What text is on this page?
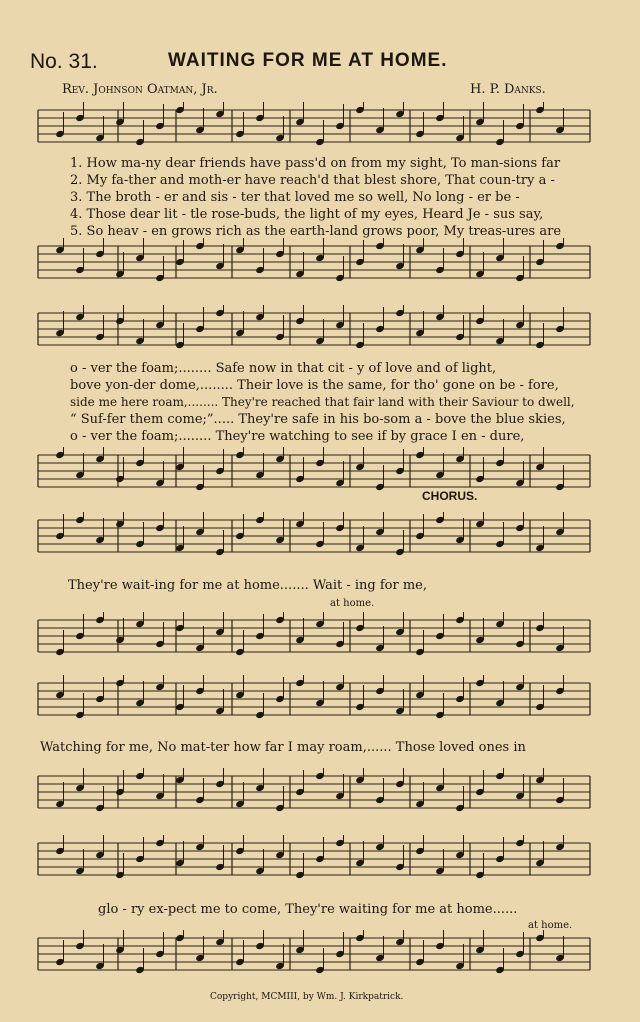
No. 31.	WAITING FOR ME AT HOME.
Rev. Johnson Oatman, Jr.	H. P. Danks.
1. How ma-ny dear friends have pass'd on from my sight, To man-sions far
2. My fa-ther and moth-er have reach'd that blest shore, That coun-try a -
3. The broth - er and sis - ter that loved me so well, No long - er be -
4. Those dear lit - tle rose-buds, the light of my eyes, Heard Je - sus say,
5. So heav - en grows rich as the earth-land grows poor, My treas-ures are
o - ver the foam;........ Safe now in that cit - y of love and of light,
bove yon-der dome,........ Their love is the same, for tho' gone on be - fore,
side me here roam,........ They're reached that fair land with their Saviour to dwell,
“ Suf-fer them come;”..... They're safe in his bo-som a - bove the blue skies,
o - ver the foam;........ They're watching to see if by grace I en - dure,
CHORUS.
They're wait-ing for me at home....... Wait - ing for me,
at home.
Watching for me, No mat-ter how far I may roam,...... Those loved ones in
glo - ry ex-pect me to come, They're waiting for me at home......
at home.
Copyright, MCMIII, by Wm. J. Kirkpatrick.
